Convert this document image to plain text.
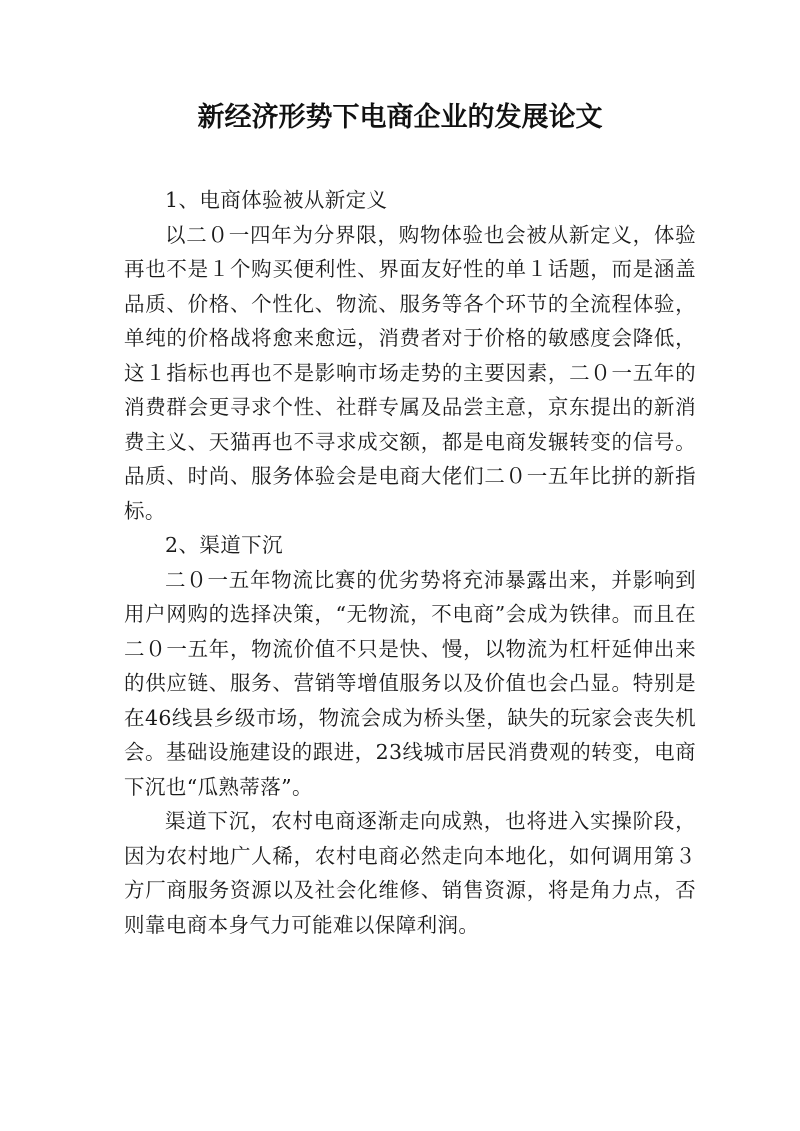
新经济形势下电商企业的发展论文

1、电商体验被从新定义

以二０一四年为分界限，购物体验也会被从新定义，体验再也不是１个购买便利性、界面友好性的单１话题，而是涵盖品质、价格、个性化、物流、服务等各个环节的全流程体验，单纯的价格战将愈来愈远，消费者对于价格的敏感度会降低，这１指标也再也不是影响市场走势的主要因素，二０一五年的消费群会更寻求个性、社群专属及品尝主意，京东提出的新消费主义、天猫再也不寻求成交额，都是电商发辗转变的信号。品质、时尚、服务体验会是电商大佬们二０一五年比拼的新指标。

2、渠道下沉

二０一五年物流比赛的优劣势将充沛暴露出来，并影响到用户网购的选择决策，“无物流，不电商”会成为铁律。而且在二０一五年，物流价值不只是快、慢，以物流为杠杆延伸出来的供应链、服务、营销等增值服务以及价值也会凸显。特别是在46线县乡级市场，物流会成为桥头堡，缺失的玩家会丧失机会。基础设施建设的跟进，23线城市居民消费观的转变，电商下沉也“瓜熟蒂落”。

渠道下沉，农村电商逐渐走向成熟，也将进入实操阶段，因为农村地广人稀，农村电商必然走向本地化，如何调用第３方厂商服务资源以及社会化维修、销售资源，将是角力点，否则靠电商本身气力可能难以保障利润。
